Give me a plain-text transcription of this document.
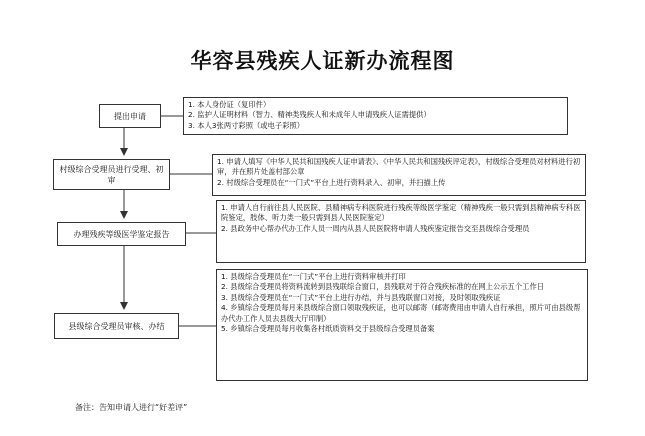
华容县残疾人证新办流程图
提出申请
村级综合受理员进行受理、初审
办理残疾等级医学鉴定报告
县级综合受理员审核、办结
1. 本人身份证（复印件）
2. 监护人证明材料（智力、精神类残疾人和未成年人申请残疾人证需提供）
3. 本人3张两寸彩照（或电子彩照）
1. 申请人填写《中华人民共和国残疾人证申请表》、《中华人民共和国残疾评定表》，村级综合受理员对材料进行初审，并在照片处盖村部公章
2. 村级综合受理员在“一门式”平台上进行资料录入、初审，并扫描上传
1. 申请人自行前往县人民医院、县精神病专科医院进行残疾等级医学鉴定（精神残疾一般只需到县精神病专科医院鉴定，肢体、听力类一般只需到县人民医院鉴定）
2. 县政务中心帮办代办工作人员一周内从县人民医院将申请人残疾鉴定报告交至县级综合受理员
1. 县级综合受理员在“一门式”平台上进行资料审核并打印
2. 县级综合受理员将资料流转到县残联综合窗口，县残联对于符合残疾标准的在网上公示五个工作日
3. 县级综合受理员在“一门式”平台上进行办结，并与县残联窗口对接，及时领取残疾证
4. 乡镇综合受理员每月来县级综合窗口领取残疾证，也可以邮寄（邮寄费用由申请人自行承担，照片可由县级帮办代办工作人员去县级大厅印制）
5. 乡镇综合受理员每月收集各村纸质资料交于县级综合受理员备案
备注：告知申请人进行“好差评”
